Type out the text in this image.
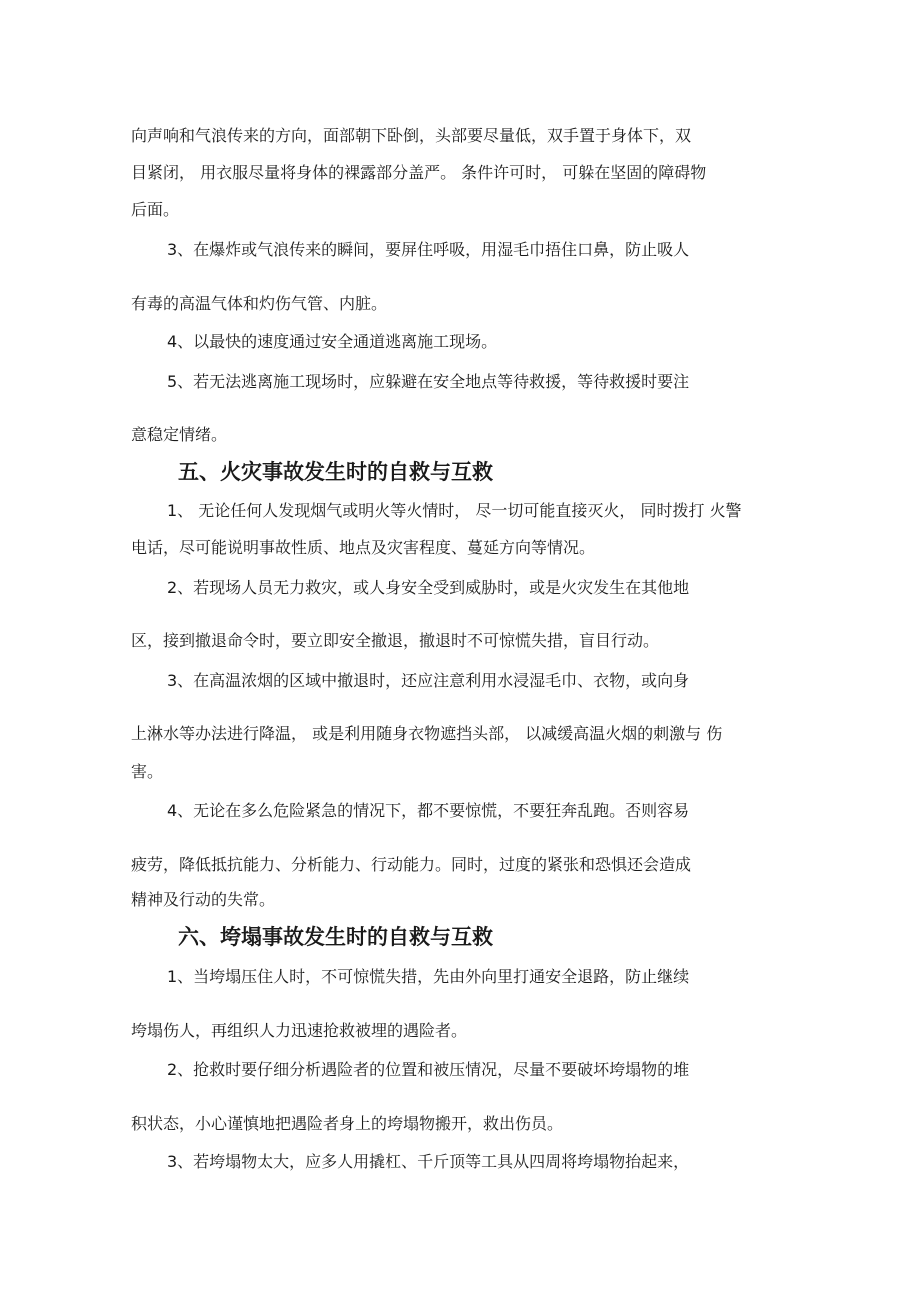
向声响和气浪传来的方向，面部朝下卧倒，头部要尽量低，双手置于身体下，双

目紧闭， 用衣服尽量将身体的裸露部分盖严。 条件许可时， 可躲在坚固的障碍物

后面。

3、在爆炸或气浪传来的瞬间，要屏住呼吸，用湿毛巾捂住口鼻，防止吸人

有毒的高温气体和灼伤气管、内脏。

4、以最快的速度通过安全通道逃离施工现场。

5、若无法逃离施工现场时，应躲避在安全地点等待救援，等待救援时要注

意稳定情绪。

五、火灾事故发生时的自救与互救

1、 无论任何人发现烟气或明火等火情时， 尽一切可能直接灭火， 同时拨打 火警

电话，尽可能说明事故性质、地点及灾害程度、蔓延方向等情况。

2、若现场人员无力救灾，或人身安全受到威胁时，或是火灾发生在其他地

区，接到撤退命令时，要立即安全撤退，撤退时不可惊慌失措，盲目行动。

3、在高温浓烟的区域中撤退时，还应注意利用水浸湿毛巾、衣物，或向身

上淋水等办法进行降温， 或是利用随身衣物遮挡头部， 以减缓高温火烟的刺激与 伤

害。

4、无论在多么危险紧急的情况下，都不要惊慌，不要狂奔乱跑。否则容易

疲劳，降低抵抗能力、分析能力、行动能力。同时，过度的紧张和恐惧还会造成

精神及行动的失常。

六、垮塌事故发生时的自救与互救

1、当垮塌压住人时，不可惊慌失措，先由外向里打通安全退路，防止继续

垮塌伤人，再组织人力迅速抢救被埋的遇险者。

2、抢救时要仔细分析遇险者的位置和被压情况，尽量不要破坏垮塌物的堆

积状态，小心谨慎地把遇险者身上的垮塌物搬开，救出伤员。

3、若垮塌物太大，应多人用撬杠、千斤顶等工具从四周将垮塌物抬起来，
